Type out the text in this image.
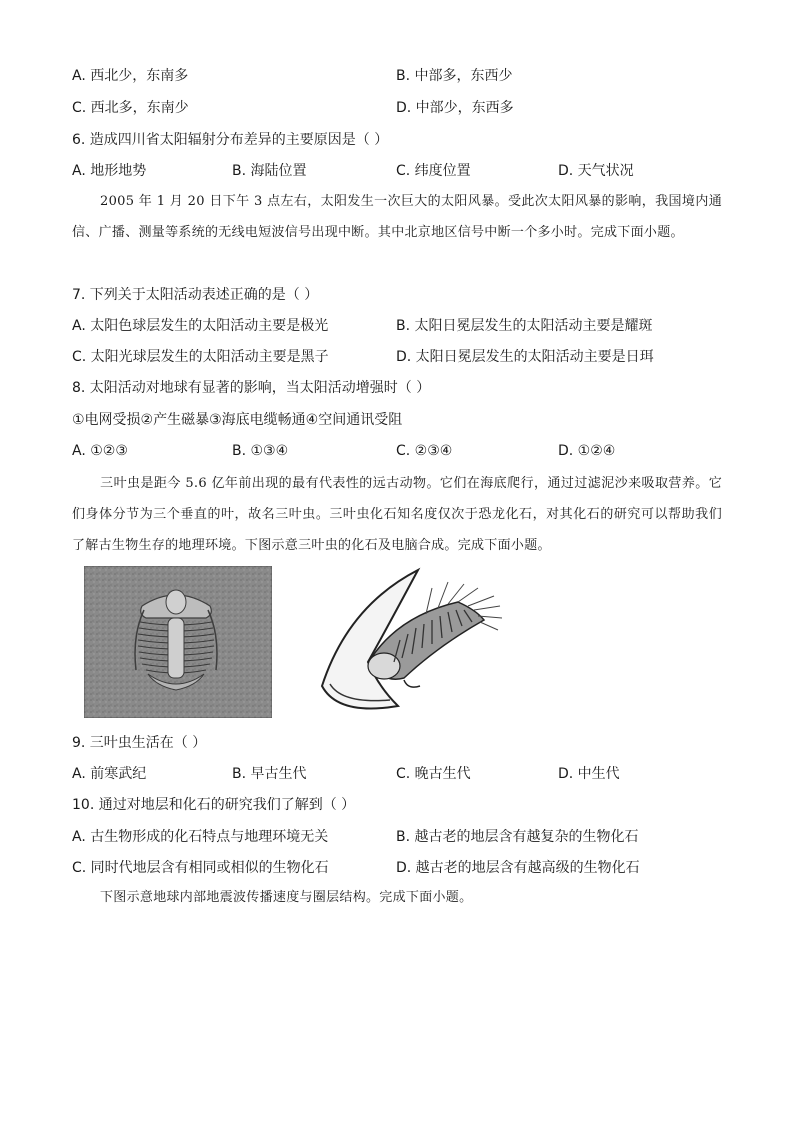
A. 西北少，东南多	B. 中部多，东西少
C. 西北多，东南少	D. 中部少，东西多
6. 造成四川省太阳辐射分布差异的主要原因是（ ）
A. 地形地势	B. 海陆位置	C. 纬度位置	D. 天气状况
2005 年 1 月 20 日下午 3 点左右，太阳发生一次巨大的太阳风暴。受此次太阳风暴的影响，我国境内通信、广播、测量等系统的无线电短波信号出现中断。其中北京地区信号中断一个多小时。完成下面小题。
7. 下列关于太阳活动表述正确的是（ ）
A. 太阳色球层发生的太阳活动主要是极光	B. 太阳日冕层发生的太阳活动主要是耀斑
C. 太阳光球层发生的太阳活动主要是黑子	D. 太阳日冕层发生的太阳活动主要是日珥
8. 太阳活动对地球有显著的影响，当太阳活动增强时（ ）
①电网受损②产生磁暴③海底电缆畅通④空间通讯受阻
A. ①②③	B. ①③④	C. ②③④	D. ①②④
三叶虫是距今 5.6 亿年前出现的最有代表性的远古动物。它们在海底爬行，通过过滤泥沙来吸取营养。它们身体分节为三个垂直的叶，故名三叶虫。三叶虫化石知名度仅次于恐龙化石，对其化石的研究可以帮助我们了解古生物生存的地理环境。下图示意三叶虫的化石及电脑合成。完成下面小题。
9. 三叶虫生活在（ ）
A. 前寒武纪	B. 早古生代	C. 晚古生代	D. 中生代
10. 通过对地层和化石的研究我们了解到（ ）
A. 古生物形成的化石特点与地理环境无关	B. 越古老的地层含有越复杂的生物化石
C. 同时代地层含有相同或相似的生物化石	D. 越古老的地层含有越高级的生物化石
下图示意地球内部地震波传播速度与圈层结构。完成下面小题。
